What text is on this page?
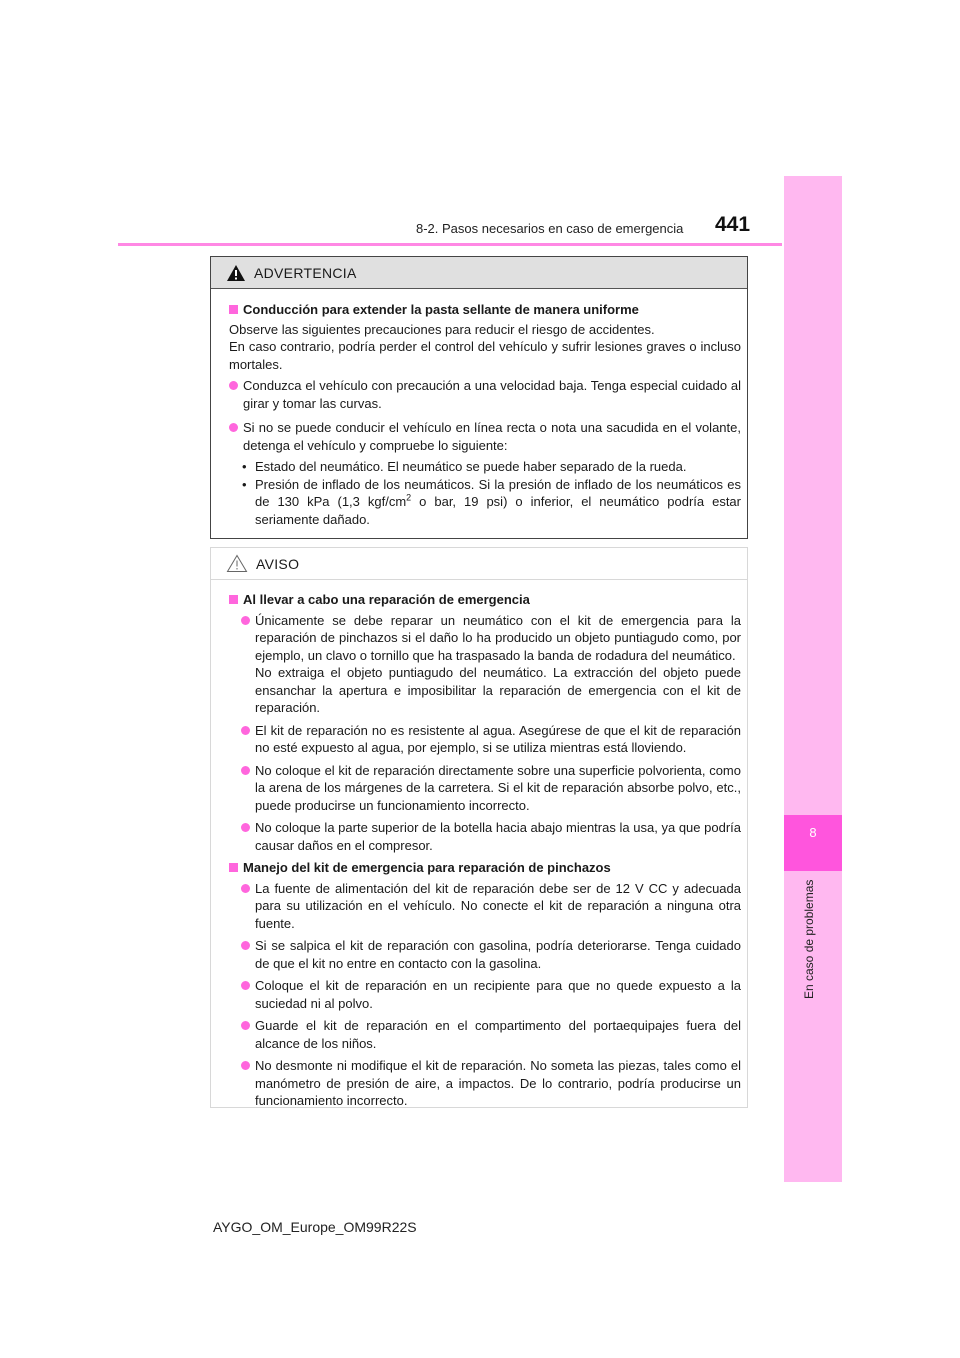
8
En caso de problemas
8-2. Pasos necesarios en caso de emergencia 441
ADVERTENCIA
Conducción para extender la pasta sellante de manera uniforme

Observe las siguientes precauciones para reducir el riesgo de accidentes.
En caso contrario, podría perder el control del vehículo y sufrir lesiones graves o incluso mortales.

Conduzca el vehículo con precaución a una velocidad baja. Tenga especial cuidado al girar y tomar las curvas.
Si no se puede conducir el vehículo en línea recta o nota una sacudida en el volante, detenga el vehículo y compruebe lo siguiente:

• Estado del neumático. El neumático se puede haber separado de la rueda.

• Presión de inflado de los neumáticos. Si la presión de inflado de los neumáticos es de 130 kPa (1,3 kgf/$cm^2$ o bar, 19 psi) o inferior, el neumático podría estar seriamente dañado.

AVISO
Al llevar a cabo una reparación de emergencia
Únicamente se debe reparar un neumático con el kit de emergencia para la reparación de pinchazos si el daño lo ha producido un objeto puntiagudo como, por ejemplo, un clavo o tornillo que ha traspasado la banda de rodadura del neumático.
No extraiga el objeto puntiagudo del neumático. La extracción del objeto puede ensanchar la apertura e imposibilitar la reparación de emergencia con el kit de reparación.
El kit de reparación no es resistente al agua. Asegúrese de que el kit de reparación no esté expuesto al agua, por ejemplo, si se utiliza mientras está lloviendo.
No coloque el kit de reparación directamente sobre una superficie polvorienta, como la arena de los márgenes de la carretera. Si el kit de reparación absorbe polvo, etc., puede producirse un funcionamiento incorrecto.
No coloque la parte superior de la botella hacia abajo mientras la usa, ya que podría causar daños en el compresor.
Manejo del kit de emergencia para reparación de pinchazos
La fuente de alimentación del kit de reparación debe ser de 12 V CC y adecuada para su utilización en el vehículo. No conecte el kit de reparación a ninguna otra fuente.
Si se salpica el kit de reparación con gasolina, podría deteriorarse. Tenga cuidado de que el kit no entre en contacto con la gasolina.
Coloque el kit de reparación en un recipiente para que no quede expuesto a la suciedad ni al polvo.
Guarde el kit de reparación en el compartimento del portaequipajes fuera del alcance de los niños.
No desmonte ni modifique el kit de reparación. No someta las piezas, tales como el manómetro de presión de aire, a impactos. De lo contrario, podría producirse un funcionamiento incorrecto.
AYGO_OM_Europe_OM99R22S
